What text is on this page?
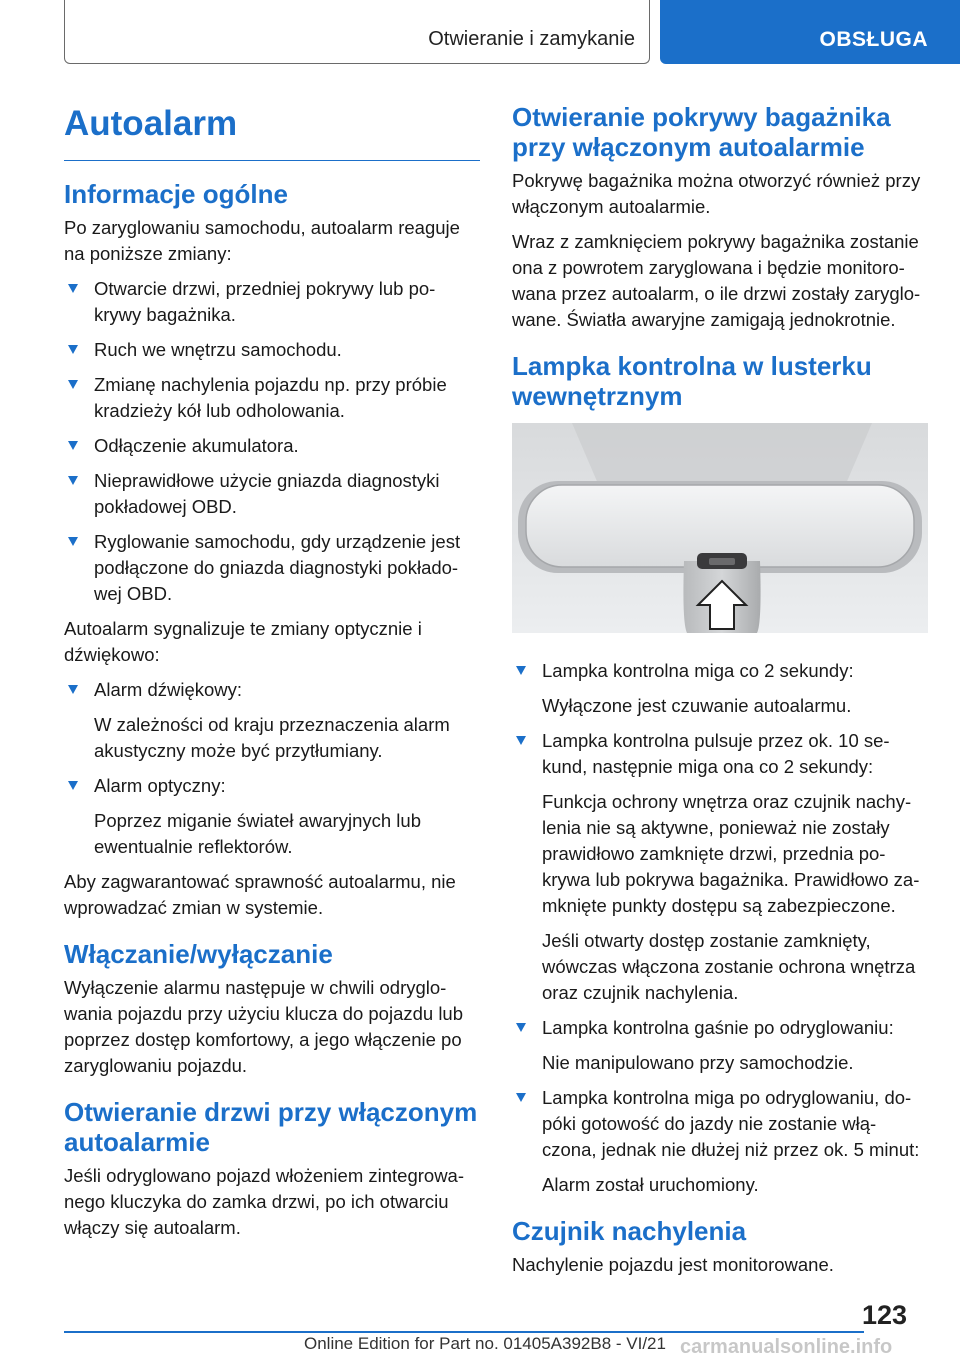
Otwieranie i zamykanie	OBSŁUGA
Autoalarm
Informacje ogólne

Po zaryglowaniu samochodu, autoalarm reaguje na poniższe zmiany:

Otwarcie drzwi, przedniej pokrywy lub po-krywy bagażnika.
Ruch we wnętrzu samochodu.
Zmianę nachylenia pojazdu np. przy próbie kradzieży kół lub odholowania.
Odłączenie akumulatora.
Nieprawidłowe użycie gniazda diagnostyki pokładowej OBD.
Ryglowanie samochodu, gdy urządzenie jest podłączone do gniazda diagnostyki pokłado-wej OBD.

Autoalarm sygnalizuje te zmiany optycznie i dźwiękowo:

Alarm dźwiękowy:
W zależności od kraju przeznaczenia alarm akustyczny może być przytłumiany.
Alarm optyczny:
Poprzez miganie świateł awaryjnych lub ewentualnie reflektorów.

Aby zagwarantować sprawność autoalarmu, nie wprowadzać zmian w systemie.

Włączanie/wyłączanie

Wyłączenie alarmu następuje w chwili odryglo-wania pojazdu przy użyciu klucza do pojazdu lub poprzez dostęp komfortowy, a jego włączenie po zaryglowaniu pojazdu.

Otwieranie drzwi przy włączonym autoalarmie

Jeśli odryglowano pojazd włożeniem zintegrowa-nego kluczyka do zamka drzwi, po ich otwarciu włączy się autoalarm.

Otwieranie pokrywy bagażnika przy włączonym autoalarmie

Pokrywę bagażnika można otworzyć również przy włączonym autoalarmie.

Wraz z zamknięciem pokrywy bagażnika zostanie ona z powrotem zaryglowana i będzie monitoro-wana przez autoalarm, o ile drzwi zostały zaryglo-wane. Światła awaryjne zamigają jednokrotnie.

Lampka kontrolna w lusterku wewnętrznym
Lampka kontrolna miga co 2 sekundy:
Wyłączone jest czuwanie autoalarmu.
Lampka kontrolna pulsuje przez ok. 10 se-kund, następnie miga ona co 2 sekundy:
Funkcja ochrony wnętrza oraz czujnik nachy-lenia nie są aktywne, ponieważ nie zostały prawidłowo zamknięte drzwi, przednia po-krywa lub pokrywa bagażnika. Prawidłowo za-mknięte punkty dostępu są zabezpieczone.
Jeśli otwarty dostęp zostanie zamknięty, wówczas włączona zostanie ochrona wnętrza oraz czujnik nachylenia.
Lampka kontrolna gaśnie po odryglowaniu:
Nie manipulowano przy samochodzie.
Lampka kontrolna miga po odryglowaniu, do-póki gotowość do jazdy nie zostanie włą-czona, jednak nie dłużej niż przez ok. 5 minut:
Alarm został uruchomiony.
Czujnik nachylenia

Nachylenie pojazdu jest monitorowane.

123
Online Edition for Part no. 01405A392B8 - VI/21 carmanualsonline.info
